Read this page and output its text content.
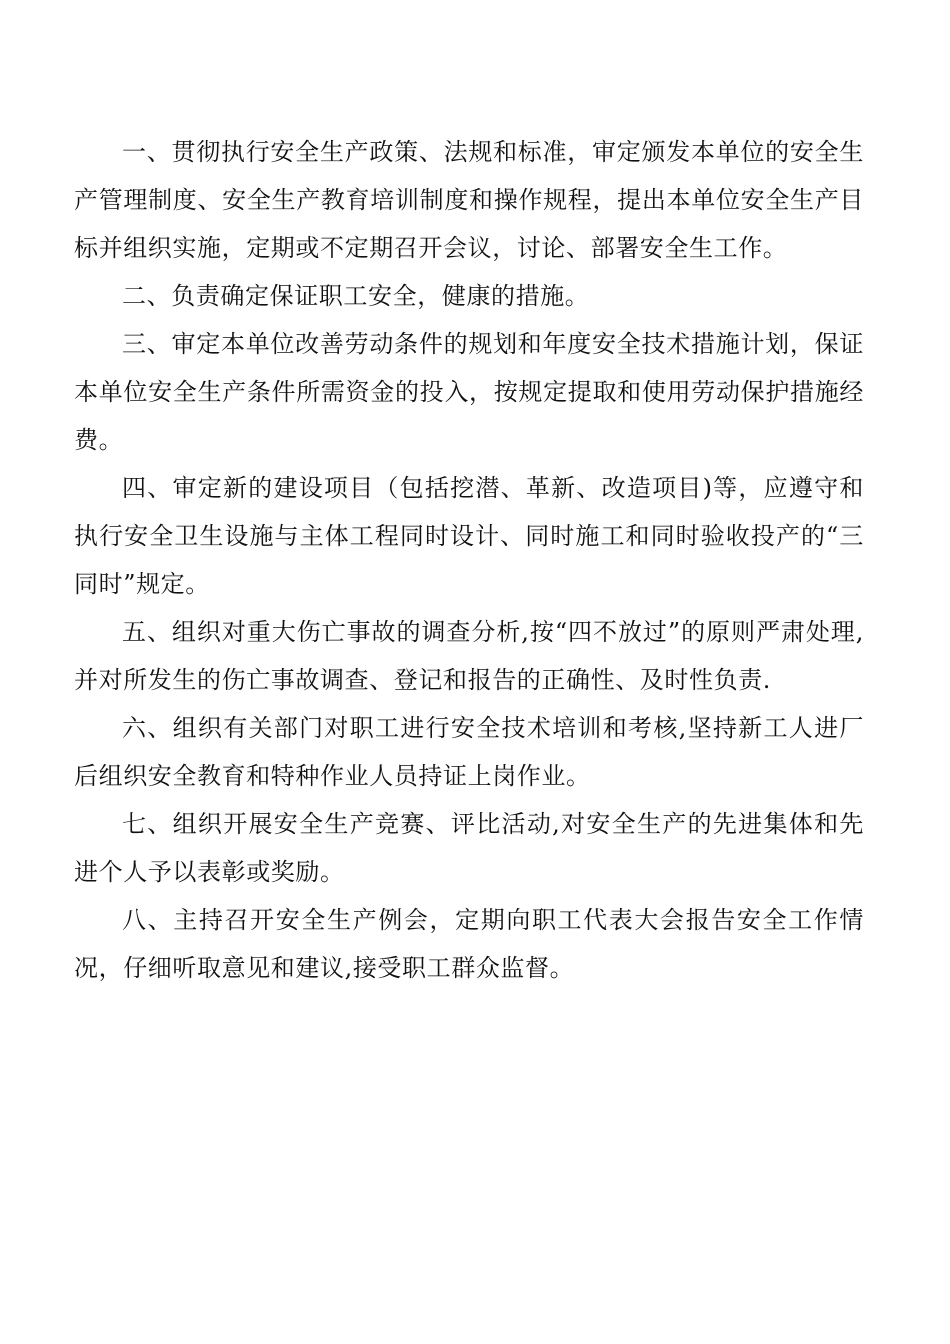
一、贯彻执行安全生产政策、法规和标准，审定颁发本单位的安全生产管理制度、安全生产教育培训制度和操作规程，提出本单位安全生产目标并组织实施，定期或不定期召开会议，讨论、部署安全生工作。

二、负责确定保证职工安全，健康的措施。

三、审定本单位改善劳动条件的规划和年度安全技术措施计划，保证本单位安全生产条件所需资金的投入，按规定提取和使用劳动保护措施经费。

四、审定新的建设项目（包括挖潜、革新、改造项目)等，应遵守和执行安全卫生设施与主体工程同时设计、同时施工和同时验收投产的“三同时”规定。

五、组织对重大伤亡事故的调查分析,按“四不放过”的原则严肃处理,并对所发生的伤亡事故调查、登记和报告的正确性、及时性负责.

六、组织有关部门对职工进行安全技术培训和考核,坚持新工人进厂后组织安全教育和特种作业人员持证上岗作业。

七、组织开展安全生产竞赛、评比活动,对安全生产的先进集体和先进个人予以表彰或奖励。

八、主持召开安全生产例会，定期向职工代表大会报告安全工作情况，仔细听取意见和建议,接受职工群众监督。
